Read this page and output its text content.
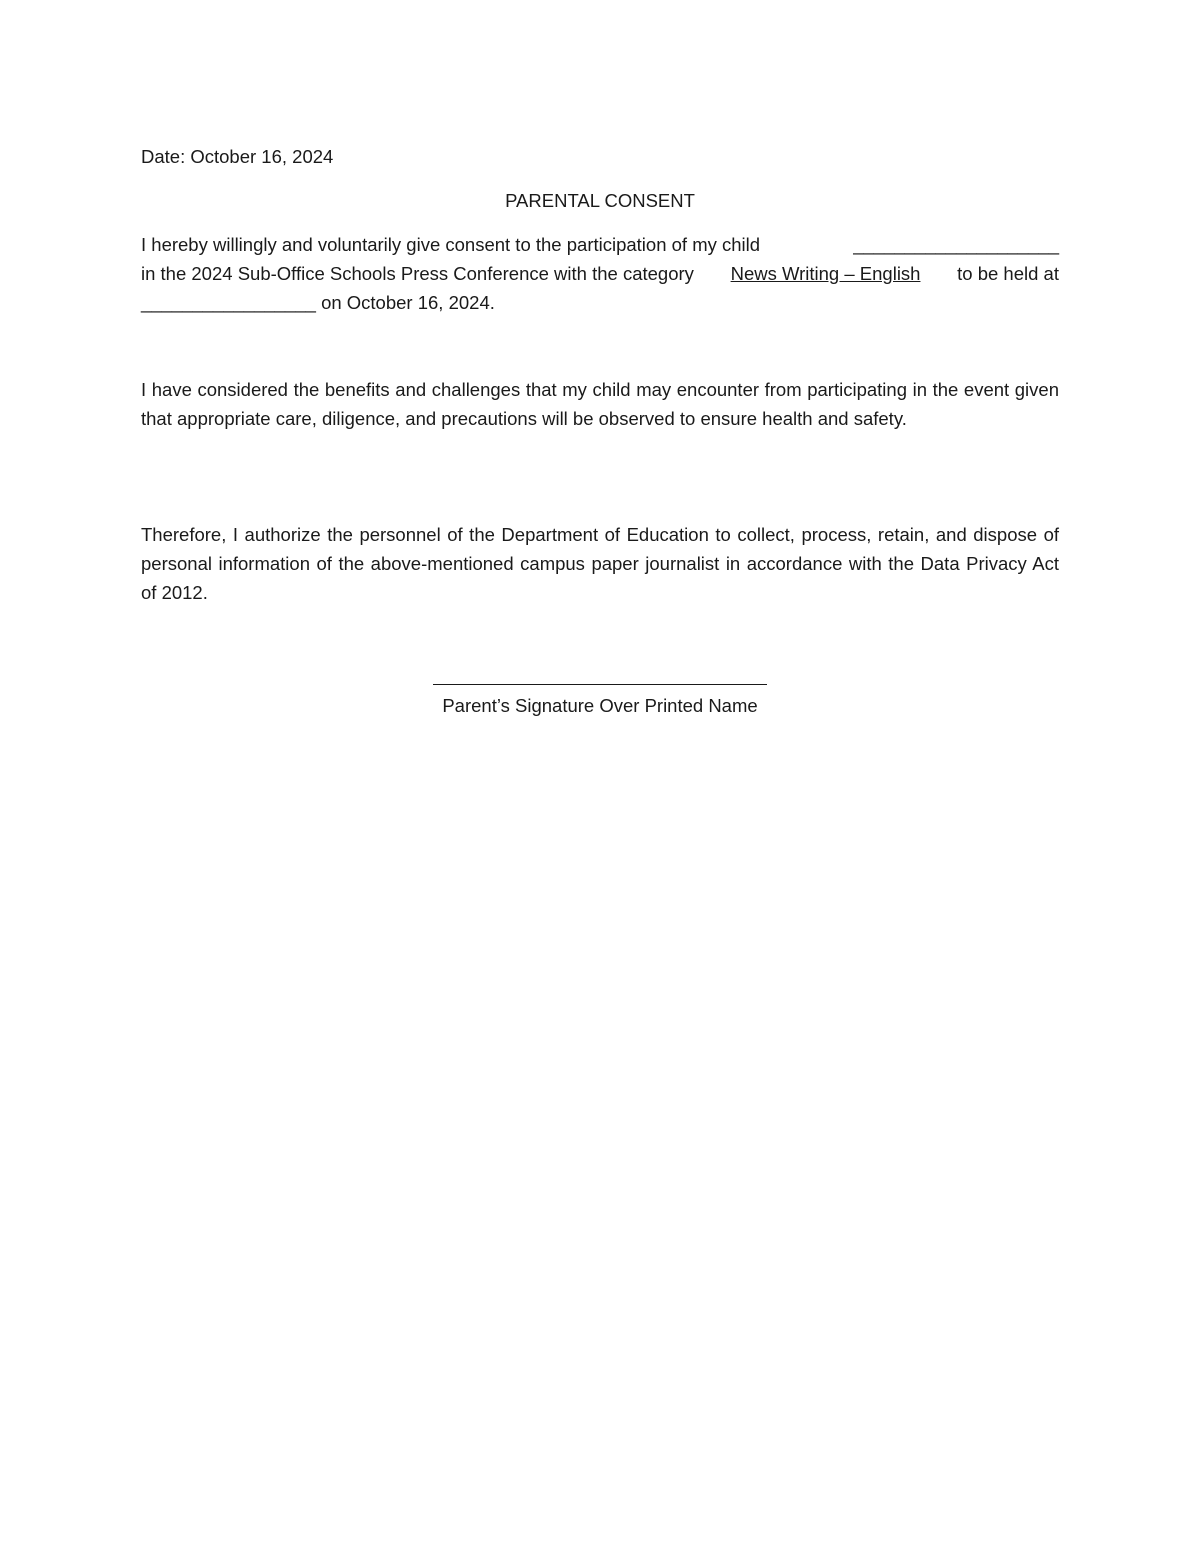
Date: October 16, 2024
PARENTAL CONSENT
I hereby willingly and voluntarily give consent to the participation of my child	____________________
in the 2024 Sub-Office Schools Press Conference with the category News Writing – English to be held at
_________________
on October 16, 2024.
I have considered the benefits and challenges that my child may encounter from participating in the event given that appropriate care, diligence, and precautions will be observed to ensure health and safety.
Therefore, I authorize the personnel of the Department of Education to collect, process, retain, and dispose of personal information of the above-mentioned campus paper journalist in accordance with the Data Privacy Act of 2012.
Parent’s Signature Over Printed Name
